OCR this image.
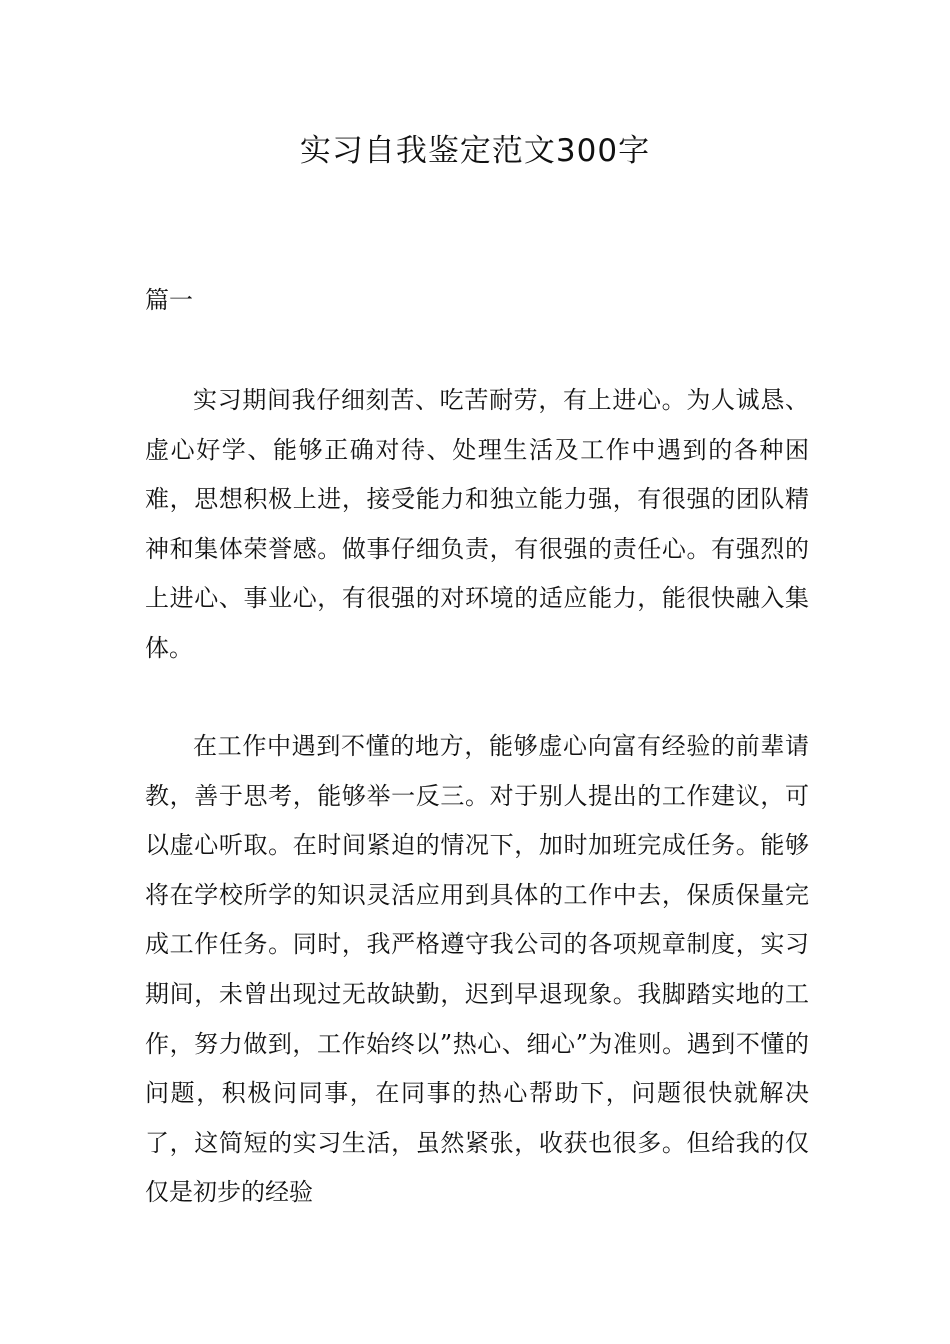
实习自我鉴定范文300字

篇一

实习期间我仔细刻苦、吃苦耐劳，有上进心。为人诚恳、虚心好学、能够正确对待、处理生活及工作中遇到的各种困难，思想积极上进，接受能力和独立能力强，有很强的团队精神和集体荣誉感。做事仔细负责，有很强的责任心。有强烈的上进心、事业心，有很强的对环境的适应能力，能很快融入集体。

在工作中遇到不懂的地方，能够虚心向富有经验的前辈请教，善于思考，能够举一反三。对于别人提出的工作建议，可以虚心听取。在时间紧迫的情况下，加时加班完成任务。能够将在学校所学的知识灵活应用到具体的工作中去，保质保量完成工作任务。同时，我严格遵守我公司的各项规章制度，实习期间，未曾出现过无故缺勤，迟到早退现象。我脚踏实地的工作，努力做到，工作始终以”热心、细心”为准则。遇到不懂的问题，积极问同事，在同事的热心帮助下，问题很快就解决了，这简短的实习生活，虽然紧张，收获也很多。但给我的仅仅是初步的经验
